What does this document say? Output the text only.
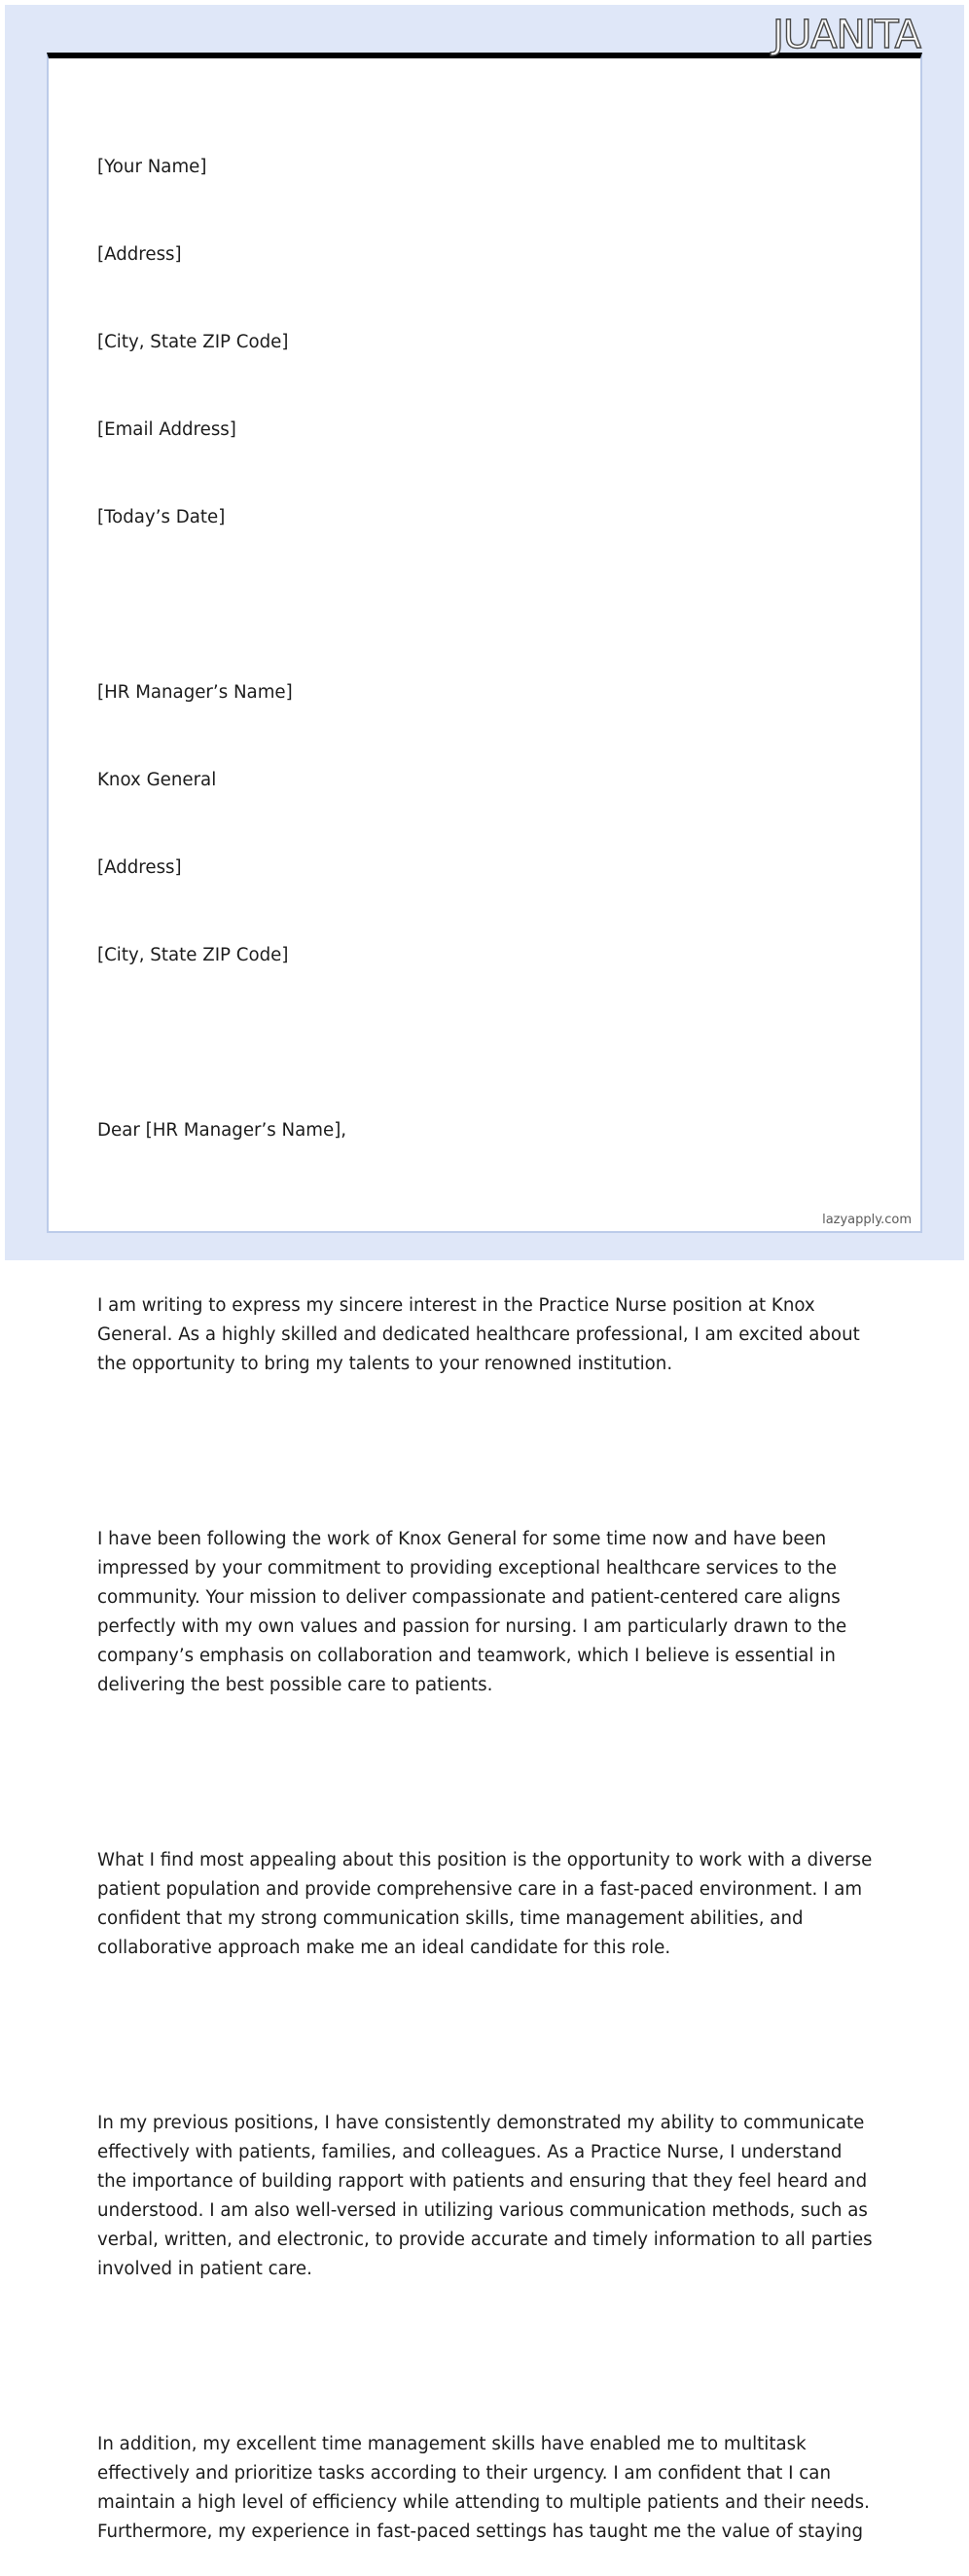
JUANITA

[Your Name]

[Address]

[City, State ZIP Code]

[Email Address]

[Today’s Date]

[HR Manager’s Name]

Knox General

[Address]

[City, State ZIP Code]

Dear [HR Manager’s Name],

I am writing to express my sincere interest in the Practice Nurse position at Knox General. As a highly skilled and dedicated healthcare professional, I am excited about the opportunity to bring my talents to your renowned institution.

I have been following the work of Knox General for some time now and have been impressed by your commitment to providing exceptional healthcare services to the community. Your mission to deliver compassionate and patient-centered care aligns perfectly with my own values and passion for nursing. I am particularly drawn to the company’s emphasis on collaboration and teamwork, which I believe is essential in delivering the best possible care to patients.

What I find most appealing about this position is the opportunity to work with a diverse patient population and provide comprehensive care in a fast-paced environment. I am confident that my strong communication skills, time management abilities, and collaborative approach make me an ideal candidate for this role.

In my previous positions, I have consistently demonstrated my ability to communicate effectively with patients, families, and colleagues. As a Practice Nurse, I understand the importance of building rapport with patients and ensuring that they feel heard and understood. I am also well-versed in utilizing various communication methods, such as verbal, written, and electronic, to provide accurate and timely information to all parties involved in patient care.

In addition, my excellent time management skills have enabled me to multitask effectively and prioritize tasks according to their urgency. I am confident that I can maintain a high level of efficiency while attending to multiple patients and their needs. Furthermore, my experience in fast-paced settings has taught me the value of staying

lazyapply.com
